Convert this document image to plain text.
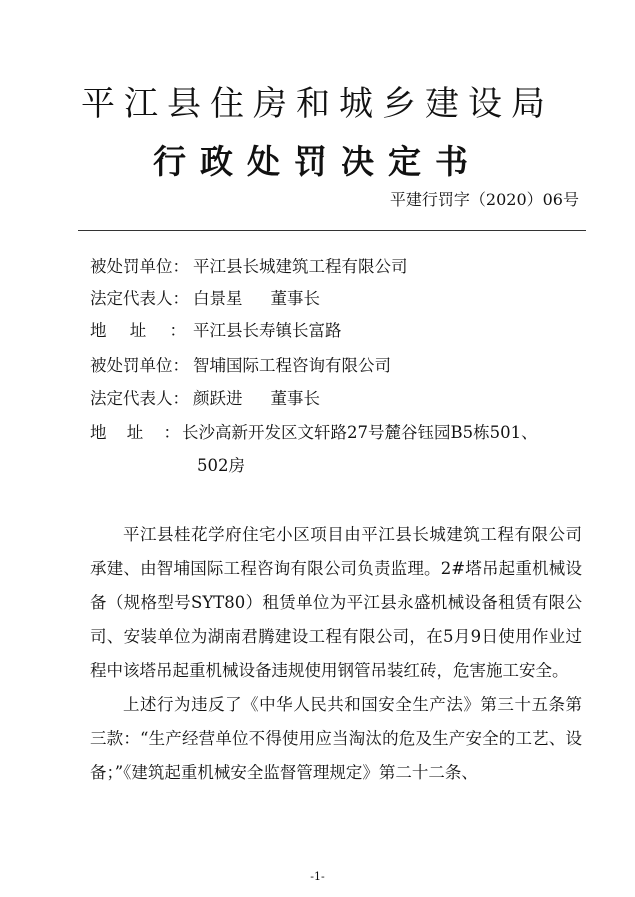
平江县住房和城乡建设局
行政处罚决定书
平建行罚字（2020）06号
被处罚单位： 平江县长城建筑工程有限公司
法定代表人： 白景星 董事长
地址： 平江县长寿镇长富路
被处罚单位： 智埔国际工程咨询有限公司
法定代表人： 颜跃进 董事长
地址： 长沙高新开发区文轩路27号麓谷钰园B5栋501、
502房

平江县桂花学府住宅小区项目由平江县长城建筑工程有限公司承建、由智埔国际工程咨询有限公司负责监理。2#塔吊起重机械设备（规格型号SYT80）租赁单位为平江县永盛机械设备租赁有限公司、安装单位为湖南君腾建设工程有限公司，在5月9日使用作业过程中该塔吊起重机械设备违规使用钢管吊装红砖，危害施工安全。

上述行为违反了《中华人民共和国安全生产法》第三十五条第三款：“生产经营单位不得使用应当淘汰的危及生产安全的工艺、设备；”《建筑起重机械安全监督管理规定》第二十二条、

-1-
